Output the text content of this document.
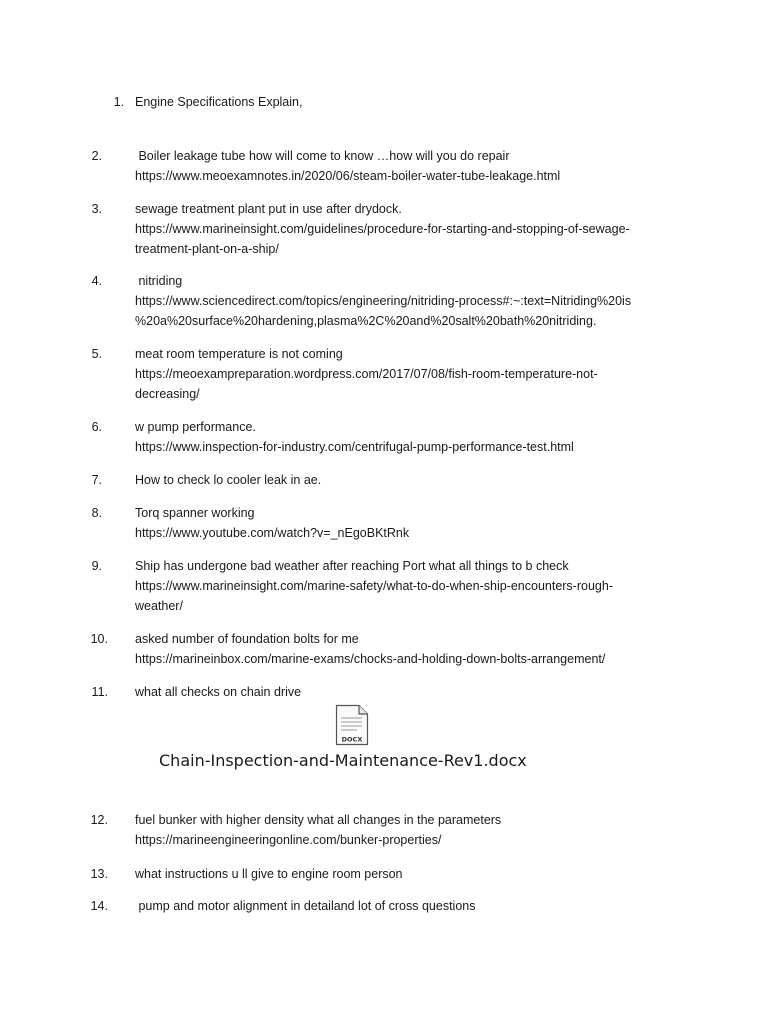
1. Engine Specifications Explain,
2.	Boiler leakage tube how will come to know …how will you do repair
https://www.meoexamnotes.in/2020/06/steam-boiler-water-tube-leakage.html
3.	sewage treatment plant put in use after drydock.
https://www.marineinsight.com/guidelines/procedure-for-starting-and-stopping-of-sewage-
treatment-plant-on-a-ship/
4.	nitriding
https://www.sciencedirect.com/topics/engineering/nitriding-process#:~:text=Nitriding%20is
%20a%20surface%20hardening,plasma%2C%20and%20salt%20bath%20nitriding.
5.	meat room temperature is not coming
https://meoexampreparation.wordpress.com/2017/07/08/fish-room-temperature-not-
decreasing/
6.	w pump performance.
https://www.inspection-for-industry.com/centrifugal-pump-performance-test.html
7.	How to check lo cooler leak in ae.
8.	Torq spanner working
https://www.youtube.com/watch?v=_nEgoBKtRnk
9.	Ship has undergone bad weather after reaching Port what all things to b check
https://www.marineinsight.com/marine-safety/what-to-do-when-ship-encounters-rough-
weather/
10. asked number of foundation bolts for me
https://marineinbox.com/marine-exams/chocks-and-holding-down-bolts-arrangement/
11. what all checks on chain drive
DOCX
Chain-Inspection-and-Maintenance-Rev1.docx
12. fuel bunker with higher density what all changes in the parameters
https://marineengineeringonline.com/bunker-properties/
13. what instructions u ll give to engine room person
14. pump and motor alignment in detailand lot of cross questions
